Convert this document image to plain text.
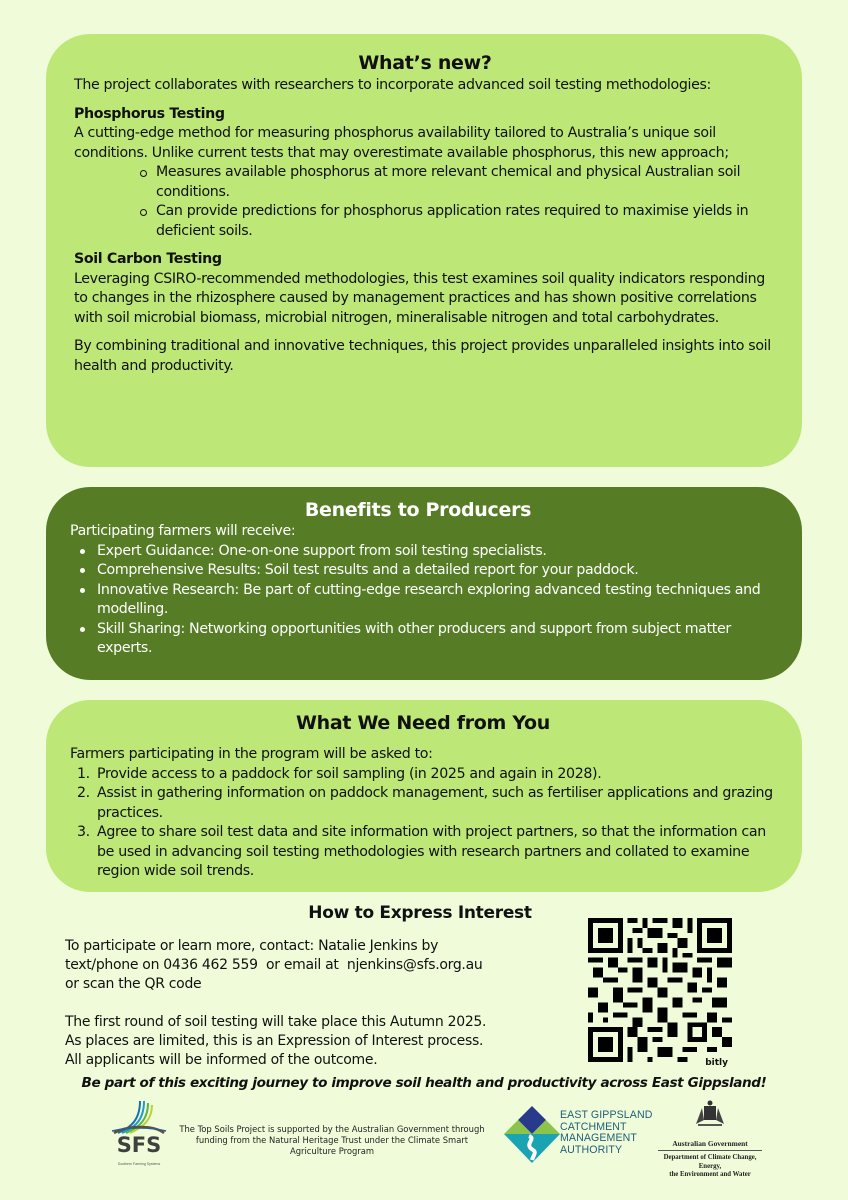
What’s new?

The project collaborates with researchers to incorporate advanced soil testing methodologies:

Phosphorus Testing

A cutting-edge method for measuring phosphorus availability tailored to Australia’s unique soil conditions. Unlike current tests that may overestimate available phosphorus, this new approach;

Measures available phosphorus at more relevant chemical and physical Australian soil conditions.
Can provide predictions for phosphorus application rates required to maximise yields in deficient soils.

Soil Carbon Testing

Leveraging CSIRO-recommended methodologies, this test examines soil quality indicators responding to changes in the rhizosphere caused by management practices and has shown positive correlations with soil microbial biomass, microbial nitrogen, mineralisable nitrogen and total carbohydrates.

By combining traditional and innovative techniques, this project provides unparalleled insights into soil health and productivity.

Benefits to Producers

Participating farmers will receive:

Expert Guidance: One-on-one support from soil testing specialists.
Comprehensive Results: Soil test results and a detailed report for your paddock.
Innovative Research: Be part of cutting-edge research exploring advanced testing techniques and modelling.
Skill Sharing: Networking opportunities with other producers and support from subject matter experts.
What We Need from You

Farmers participating in the program will be asked to:

1. Provide access to a paddock for soil sampling (in 2025 and again in 2028).
2. Assist in gathering information on paddock management, such as fertiliser applications and grazing practices.
3. Agree to share soil test data and site information with project partners, so that the information can be used in advancing soil testing methodologies with research partners and collated to examine region wide soil trends.
How to Express Interest

To participate or learn more, contact: Natalie Jenkins by

text/phone on 0436 462 559  or email at  njenkins@sfs.org.au

or scan the QR code

The first round of soil testing will take place this Autumn 2025.

As places are limited, this is an Expression of Interest process.

All applicants will be informed of the outcome.	bitly
Be part of this exciting journey to improve soil health and productivity across East Gippsland!
SFS
Southern Farming Systems
The Top Soils Project is supported by the Australian Government through funding from the Natural Heritage Trust under the Climate Smart Agriculture Program
EAST GIPPSLAND
CATCHMENT
MANAGEMENT
AUTHORITY	Australian Government
Department of Climate Change, Energy,
the Environment and Water
